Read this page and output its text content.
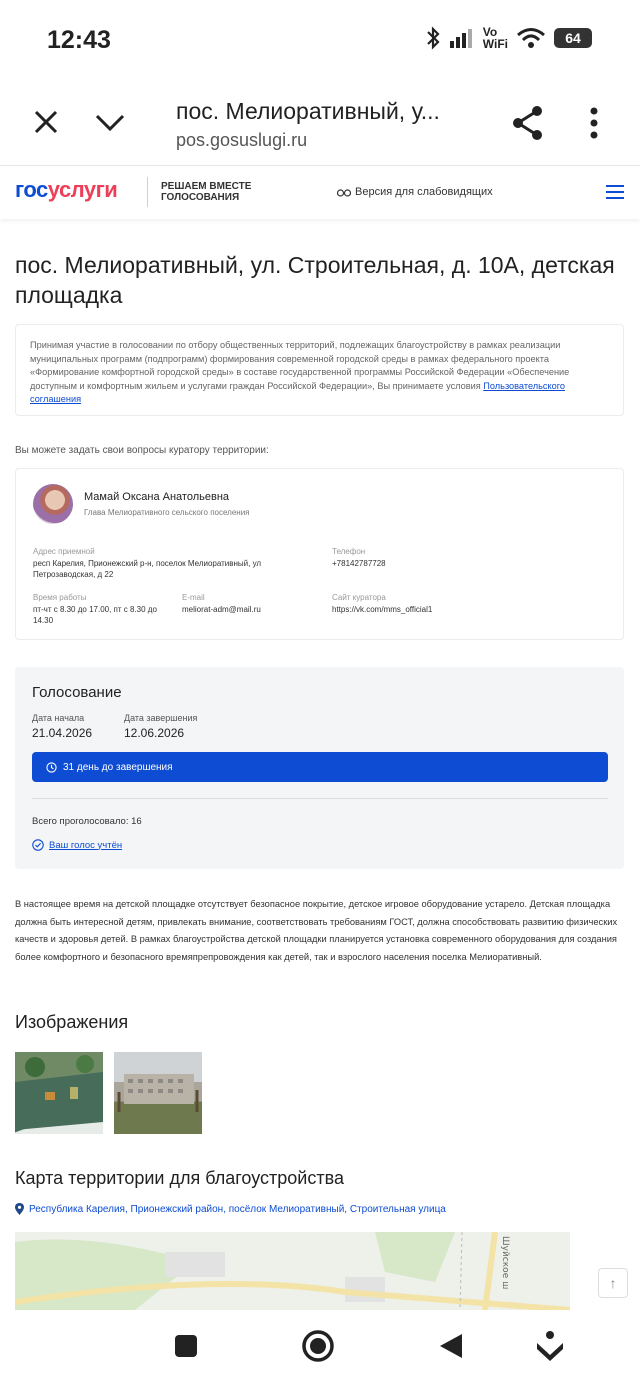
12:43	Vo
WiFi	64
пос. Мелиоративный, у...
pos.gosuslugi.ru
госуслуги	РЕШАЕМ ВМЕСТЕ ГОЛОСОВАНИЯ	Версия для слабовидящих
пос. Мелиоративный, ул. Строительная, д. 10А, детская площадка
Принимая участие в голосовании по отбору общественных территорий, подлежащих благоустройству в рамках реализации муниципальных программ (подпрограмм) формирования современной городской среды в рамках федерального проекта «Формирование комфортной городской среды» в составе государственной программы Российской Федерации «Обеспечение доступным и комфортным жильем и услугами граждан Российской Федерации», Вы принимаете условия Пользовательского соглашения
Вы можете задать свои вопросы куратору территории:
Мамай Оксана Анатольевна
Глава Мелиоративного сельского поселения
Адрес приемной
респ Карелия, Прионежский р-н, поселок Мелиоративный, ул Петрозаводская, д 22
Телефон
+78142787728
Время работы
пт-чт с 8.30 до 17.00, пт с 8.30 до 14.30
E-mail
meliorat-adm@mail.ru
Сайт куратора
https://vk.com/mms_official1
Голосование
Дата начала
21.04.2026
Дата завершения
12.06.2026
31 день до завершения
Всего проголосовало: 16
Ваш голос учтён
В настоящее время на детской площадке отсутствует безопасное покрытие, детское игровое оборудование устарело. Детская площадка должна быть интересной детям, привлекать внимание, соответствовать требованиям ГОСТ, должна способствовать развитию физических качеств и здоровья детей. В рамках благоустройства детской площадки планируется установка современного оборудования для создания более комфортного и безопасного времяпрепровождения как детей, так и взрослого населения поселка Мелиоративный.
Изображения
Карта территории для благоустройства
Республика Карелия, Прионежский район, посёлок Мелиоративный, Строительная улица
Шуйское ш	↑
